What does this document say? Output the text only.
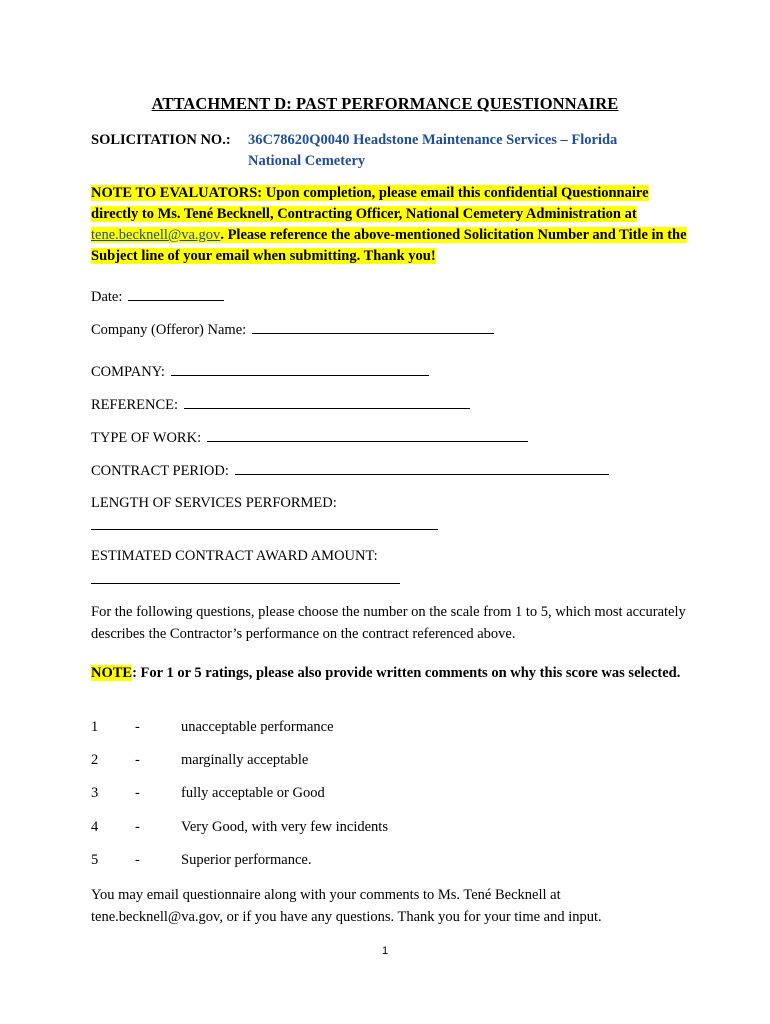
ATTACHMENT D: PAST PERFORMANCE QUESTIONNAIRE
SOLICITATION NO.: 36C78620Q0040 Headstone Maintenance Services – Florida
National Cemetery
NOTE TO EVALUATORS: Upon completion, please email this confidential Questionnaire directly to Ms. Tené Becknell, Contracting Officer, National Cemetery Administration at tene.becknell@va.gov. Please reference the above-mentioned Solicitation Number and Title in the Subject line of your email when submitting. Thank you!
Date:
Company (Offeror) Name:
COMPANY:
REFERENCE:
TYPE OF WORK:
CONTRACT PERIOD:
LENGTH OF SERVICES PERFORMED:
ESTIMATED CONTRACT AWARD AMOUNT:
For the following questions, please choose the number on the scale from 1 to 5, which most accurately describes the Contractor’s performance on the contract referenced above.
NOTE: For 1 or 5 ratings, please also provide written comments on why this score was selected.
1	-	unacceptable performance
2	-	marginally acceptable
3	-	fully acceptable or Good
4	-	Very Good, with very few incidents
5	-	Superior performance.
You may email questionnaire along with your comments to Ms. Tené Becknell at tene.becknell@va.gov, or if you have any questions. Thank you for your time and input.
1
